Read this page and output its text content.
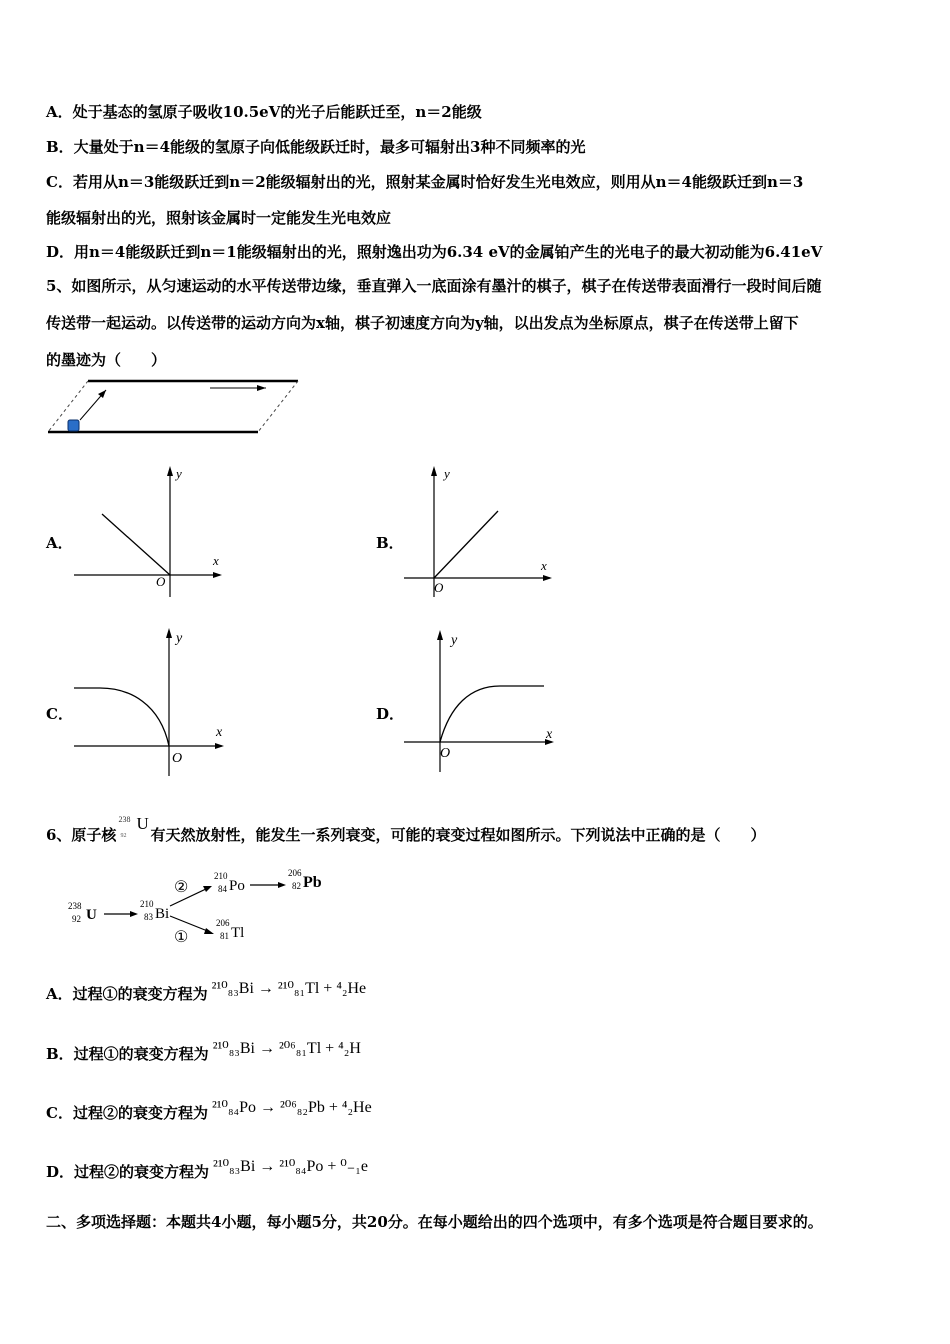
A．处于基态的氢原子吸收10.5eV的光子后能跃迁至，n＝2能级
B．大量处于n＝4能级的氢原子向低能级跃迁时，最多可辐射出3种不同频率的光
C．若用从n＝3能级跃迁到n＝2能级辐射出的光，照射某金属时恰好发生光电效应，则用从n＝4能级跃迁到n＝3
能级辐射出的光，照射该金属时一定能发生光电效应
D．用n＝4能级跃迁到n＝1能级辐射出的光，照射逸出功为6.34 eV的金属铂产生的光电子的最大初动能为6.41eV
5、如图所示，从匀速运动的水平传送带边缘，垂直弹入一底面涂有墨汁的棋子，棋子在传送带表面滑行一段时间后随
传送带一起运动。以传送带的运动方向为x轴，棋子初速度方向为y轴，以出发点为坐标原点，棋子在传送带上留下
的墨迹为（　　）
A．
y
x
O
B．
y
x
O
C．
y
x
O
D．
y
x
O
6、原子核
238
92
U
有天然放射性，能发生一系列衰变，可能的衰变过程如图所示。下列说法中正确的是（　　）
238
92 U
210
83 Bi
②
①
210
84 Po
206
82 Pb
206
81 Tl
A．过程①的衰变方程为 ²¹⁰₈₃Bi → ²¹⁰₈₁Tl + ⁴₂He
B．过程①的衰变方程为 ²¹⁰₈₃Bi → ²⁰⁶₈₁Tl + ⁴₂H
C．过程②的衰变方程为 ²¹⁰₈₄Po → ²⁰⁶₈₂Pb + ⁴₂He
D．过程②的衰变方程为 ²¹⁰₈₃Bi → ²¹⁰₈₄Po + ⁰₋₁e
二、多项选择题：本题共4小题，每小题5分，共20分。在每小题给出的四个选项中，有多个选项是符合题目要求的。
